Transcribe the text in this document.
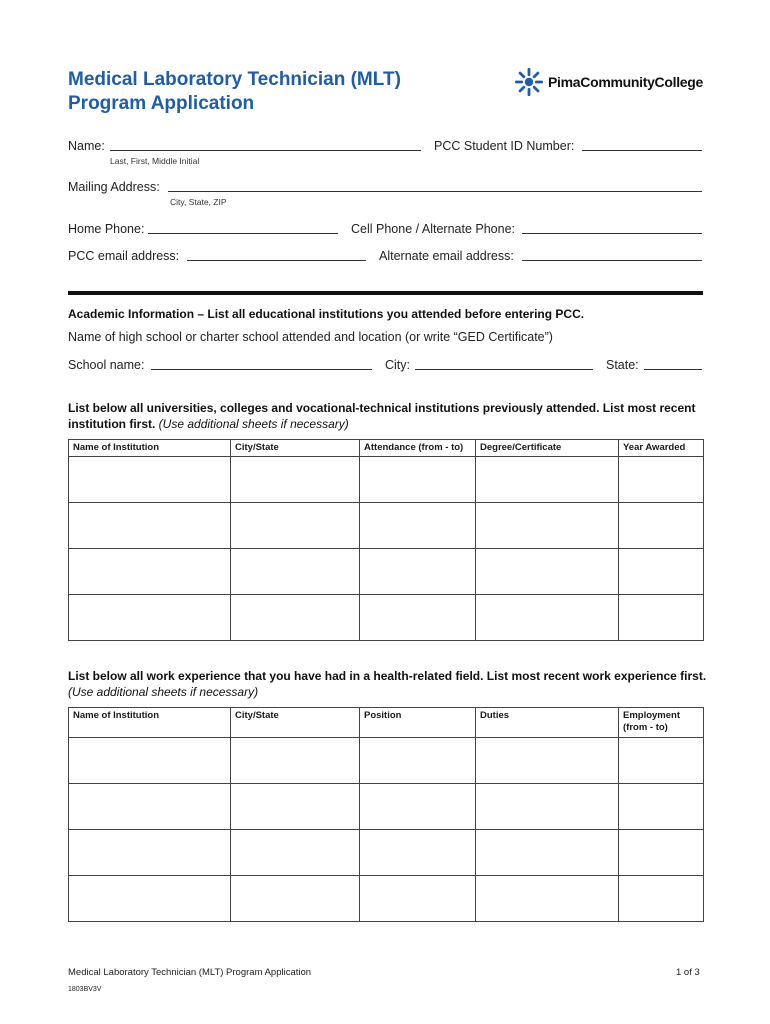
Medical Laboratory Technician (MLT)
Program Application
PimaCommunityCollege
Name:
Last, First, Middle Initial
PCC Student ID Number:
Mailing Address:
City, State, ZIP
Home Phone:	Cell Phone / Alternate Phone:
PCC email address:	Alternate email address:
Academic Information – List all educational institutions you attended before entering PCC.
Name of high school or charter school attended and location (or write “GED Certificate”)
School name:	City:	State:
List below all universities, colleges and vocational-technical institutions previously attended. List most recent institution first. (Use additional sheets if necessary)
Name of Institution	City/State	Attendance (from - to)	Degree/Certificate	Year Awarded

List below all work experience that you have had in a health-related field. List most recent work experience first. (Use additional sheets if necessary)
Name of Institution	City/State	Position	Duties	Employment (from - to)

Medical Laboratory Technician (MLT) Program Application	1 of 3
1803BV3V
